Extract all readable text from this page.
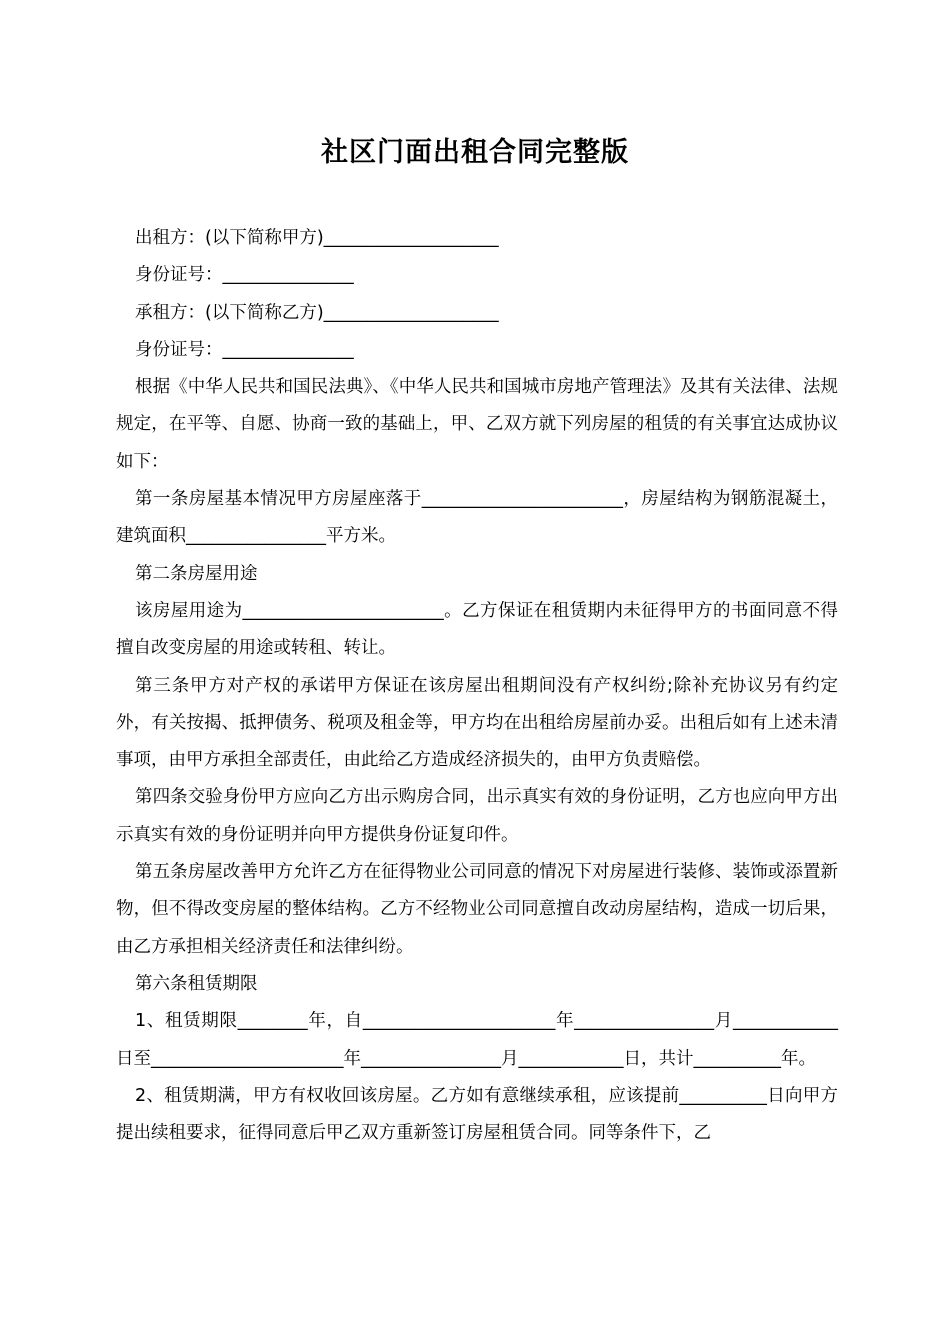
社区门面出租合同完整版

出租方：(以下简称甲方)____________________

身份证号：_______________

承租方：(以下简称乙方)____________________

身份证号：_______________

根据《中华人民共和国民法典》、《中华人民共和国城市房地产管理法》及其有关法律、法规规定，在平等、自愿、协商一致的基础上，甲、乙双方就下列房屋的租赁的有关事宜达成协议如下：

第一条房屋基本情况甲方房屋座落于_______________________，房屋结构为钢筋混凝土，建筑面积________________平方米。

第二条房屋用途

该房屋用途为_______________________。乙方保证在租赁期内未征得甲方的书面同意不得擅自改变房屋的用途或转租、转让。

第三条甲方对产权的承诺甲方保证在该房屋出租期间没有产权纠纷;除补充协议另有约定外，有关按揭、抵押债务、税项及租金等，甲方均在出租给房屋前办妥。出租后如有上述未清事项，由甲方承担全部责任，由此给乙方造成经济损失的，由甲方负责赔偿。

第四条交验身份甲方应向乙方出示购房合同，出示真实有效的身份证明，乙方也应向甲方出示真实有效的身份证明并向甲方提供身份证复印件。

第五条房屋改善甲方允许乙方在征得物业公司同意的情况下对房屋进行装修、装饰或添置新物，但不得改变房屋的整体结构。乙方不经物业公司同意擅自改动房屋结构，造成一切后果，由乙方承担相关经济责任和法律纠纷。

第六条租赁期限

1、租赁期限________年，自______________________年________________月____________日至______________________年________________月____________日，共计__________年。

2、租赁期满，甲方有权收回该房屋。乙方如有意继续承租，应该提前__________日向甲方提出续租要求，征得同意后甲乙双方重新签订房屋租赁合同。同等条件下，乙
